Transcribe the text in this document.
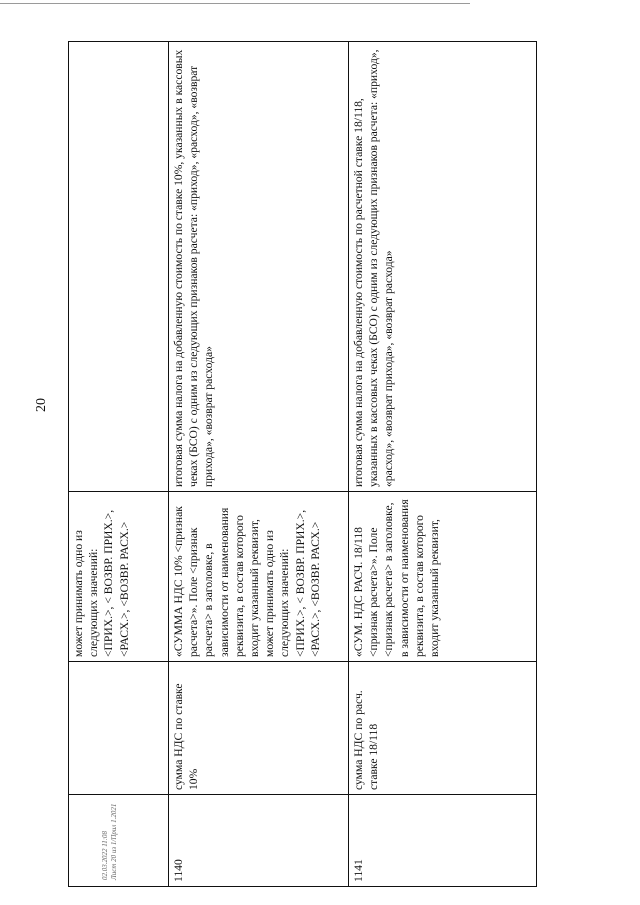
20
		может принимать одно из следующих значений: <ПРИХ.>, < ВОЗВР. ПРИХ.>, <РАСХ.>, <ВОЗВР. РАСХ.>	
1140	сумма НДС по ставке 10%	«СУММА НДС 10% <признак расчета>». Поле <признак расчета> в заголовке, в зависимости от наименования реквизита, в состав которого входит указанный реквизит, может принимать одно из следующих значений: <ПРИХ.>, < ВОЗВР. ПРИХ.>, <РАСХ.>, <ВОЗВР. РАСХ.>	итоговая сумма налога на добавленную стоимость по ставке 10%, указанных в кассовых чеках (БСО) с одним из следующих признаков расчета: «приход», «расход», «возврат прихода», «возврат расхода»
1141	сумма НДС по расч. ставке 18/118	«СУМ. НДС РАСЧ. 18/118 <признак расчета>». Поле <признак расчета> в заголовке, в зависимости от наименования реквизита, в состав которого входит указанный реквизит,	итоговая сумма налога на добавленную стоимость по расчетной ставке 18/118, указанных в кассовых чеках (БСО) с одним из следующих признаков расчета: «приход», «расход», «возврат прихода», «возврат расхода»
02.03.2022 11:08 Лист 20 из 1/Прил 1.2021
